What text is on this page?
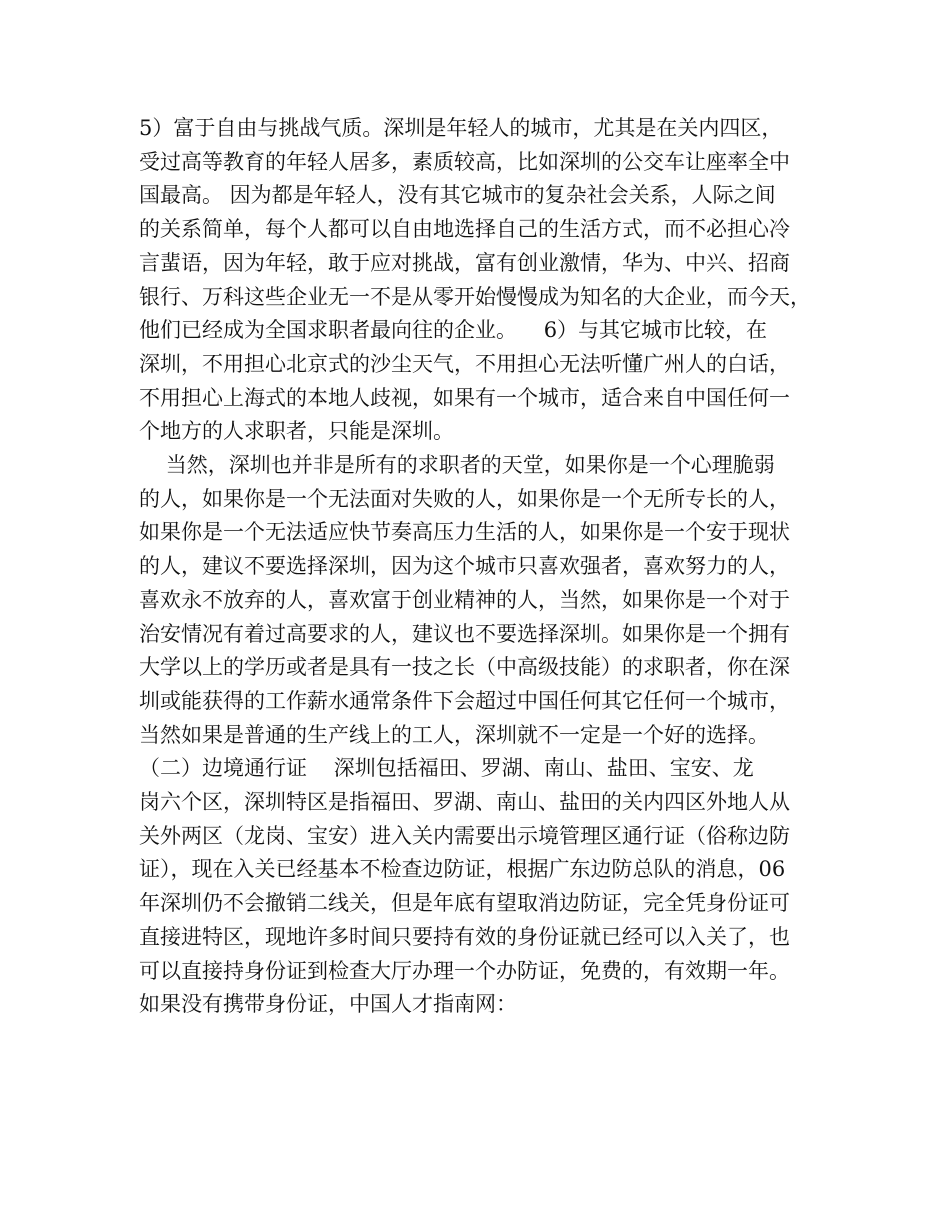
5）富于自由与挑战气质。深圳是年轻人的城市，尤其是在关内四区，
受过高等教育的年轻人居多，素质较高，比如深圳的公交车让座率全中
国最高。 因为都是年轻人，没有其它城市的复杂社会关系，人际之间
的关系简单，每个人都可以自由地选择自己的生活方式，而不必担心冷
言蜚语，因为年轻，敢于应对挑战，富有创业激情，华为、中兴、招商
银行、万科这些企业无一不是从零开始慢慢成为知名的大企业，而今天，
他们已经成为全国求职者最向往的企业。    6）与其它城市比较，在
深圳，不用担心北京式的沙尘天气，不用担心无法听懂广州人的白话，
不用担心上海式的本地人歧视，如果有一个城市，适合来自中国任何一
个地方的人求职者，只能是深圳。
当然，深圳也并非是所有的求职者的天堂，如果你是一个心理脆弱
的人，如果你是一个无法面对失败的人，如果你是一个无所专长的人，
如果你是一个无法适应快节奏高压力生活的人，如果你是一个安于现状
的人，建议不要选择深圳，因为这个城市只喜欢强者，喜欢努力的人，
喜欢永不放弃的人，喜欢富于创业精神的人，当然，如果你是一个对于
治安情况有着过高要求的人，建议也不要选择深圳。如果你是一个拥有
大学以上的学历或者是具有一技之长（中高级技能）的求职者，你在深
圳或能获得的工作薪水通常条件下会超过中国任何其它任何一个城市，
当然如果是普通的生产线上的工人，深圳就不一定是一个好的选择。
（二）边境通行证    深圳包括福田、罗湖、南山、盐田、宝安、龙
岗六个区，深圳特区是指福田、罗湖、南山、盐田的关内四区外地人从
关外两区（龙岗、宝安）进入关内需要出示境管理区通行证（俗称边防
证），现在入关已经基本不检查边防证，根据广东边防总队的消息，06
年深圳仍不会撤销二线关，但是年底有望取消边防证，完全凭身份证可
直接进特区，现地许多时间只要持有效的身份证就已经可以入关了，也
可以直接持身份证到检查大厅办理一个办防证，免费的，有效期一年。
如果没有携带身份证，中国人才指南网：
